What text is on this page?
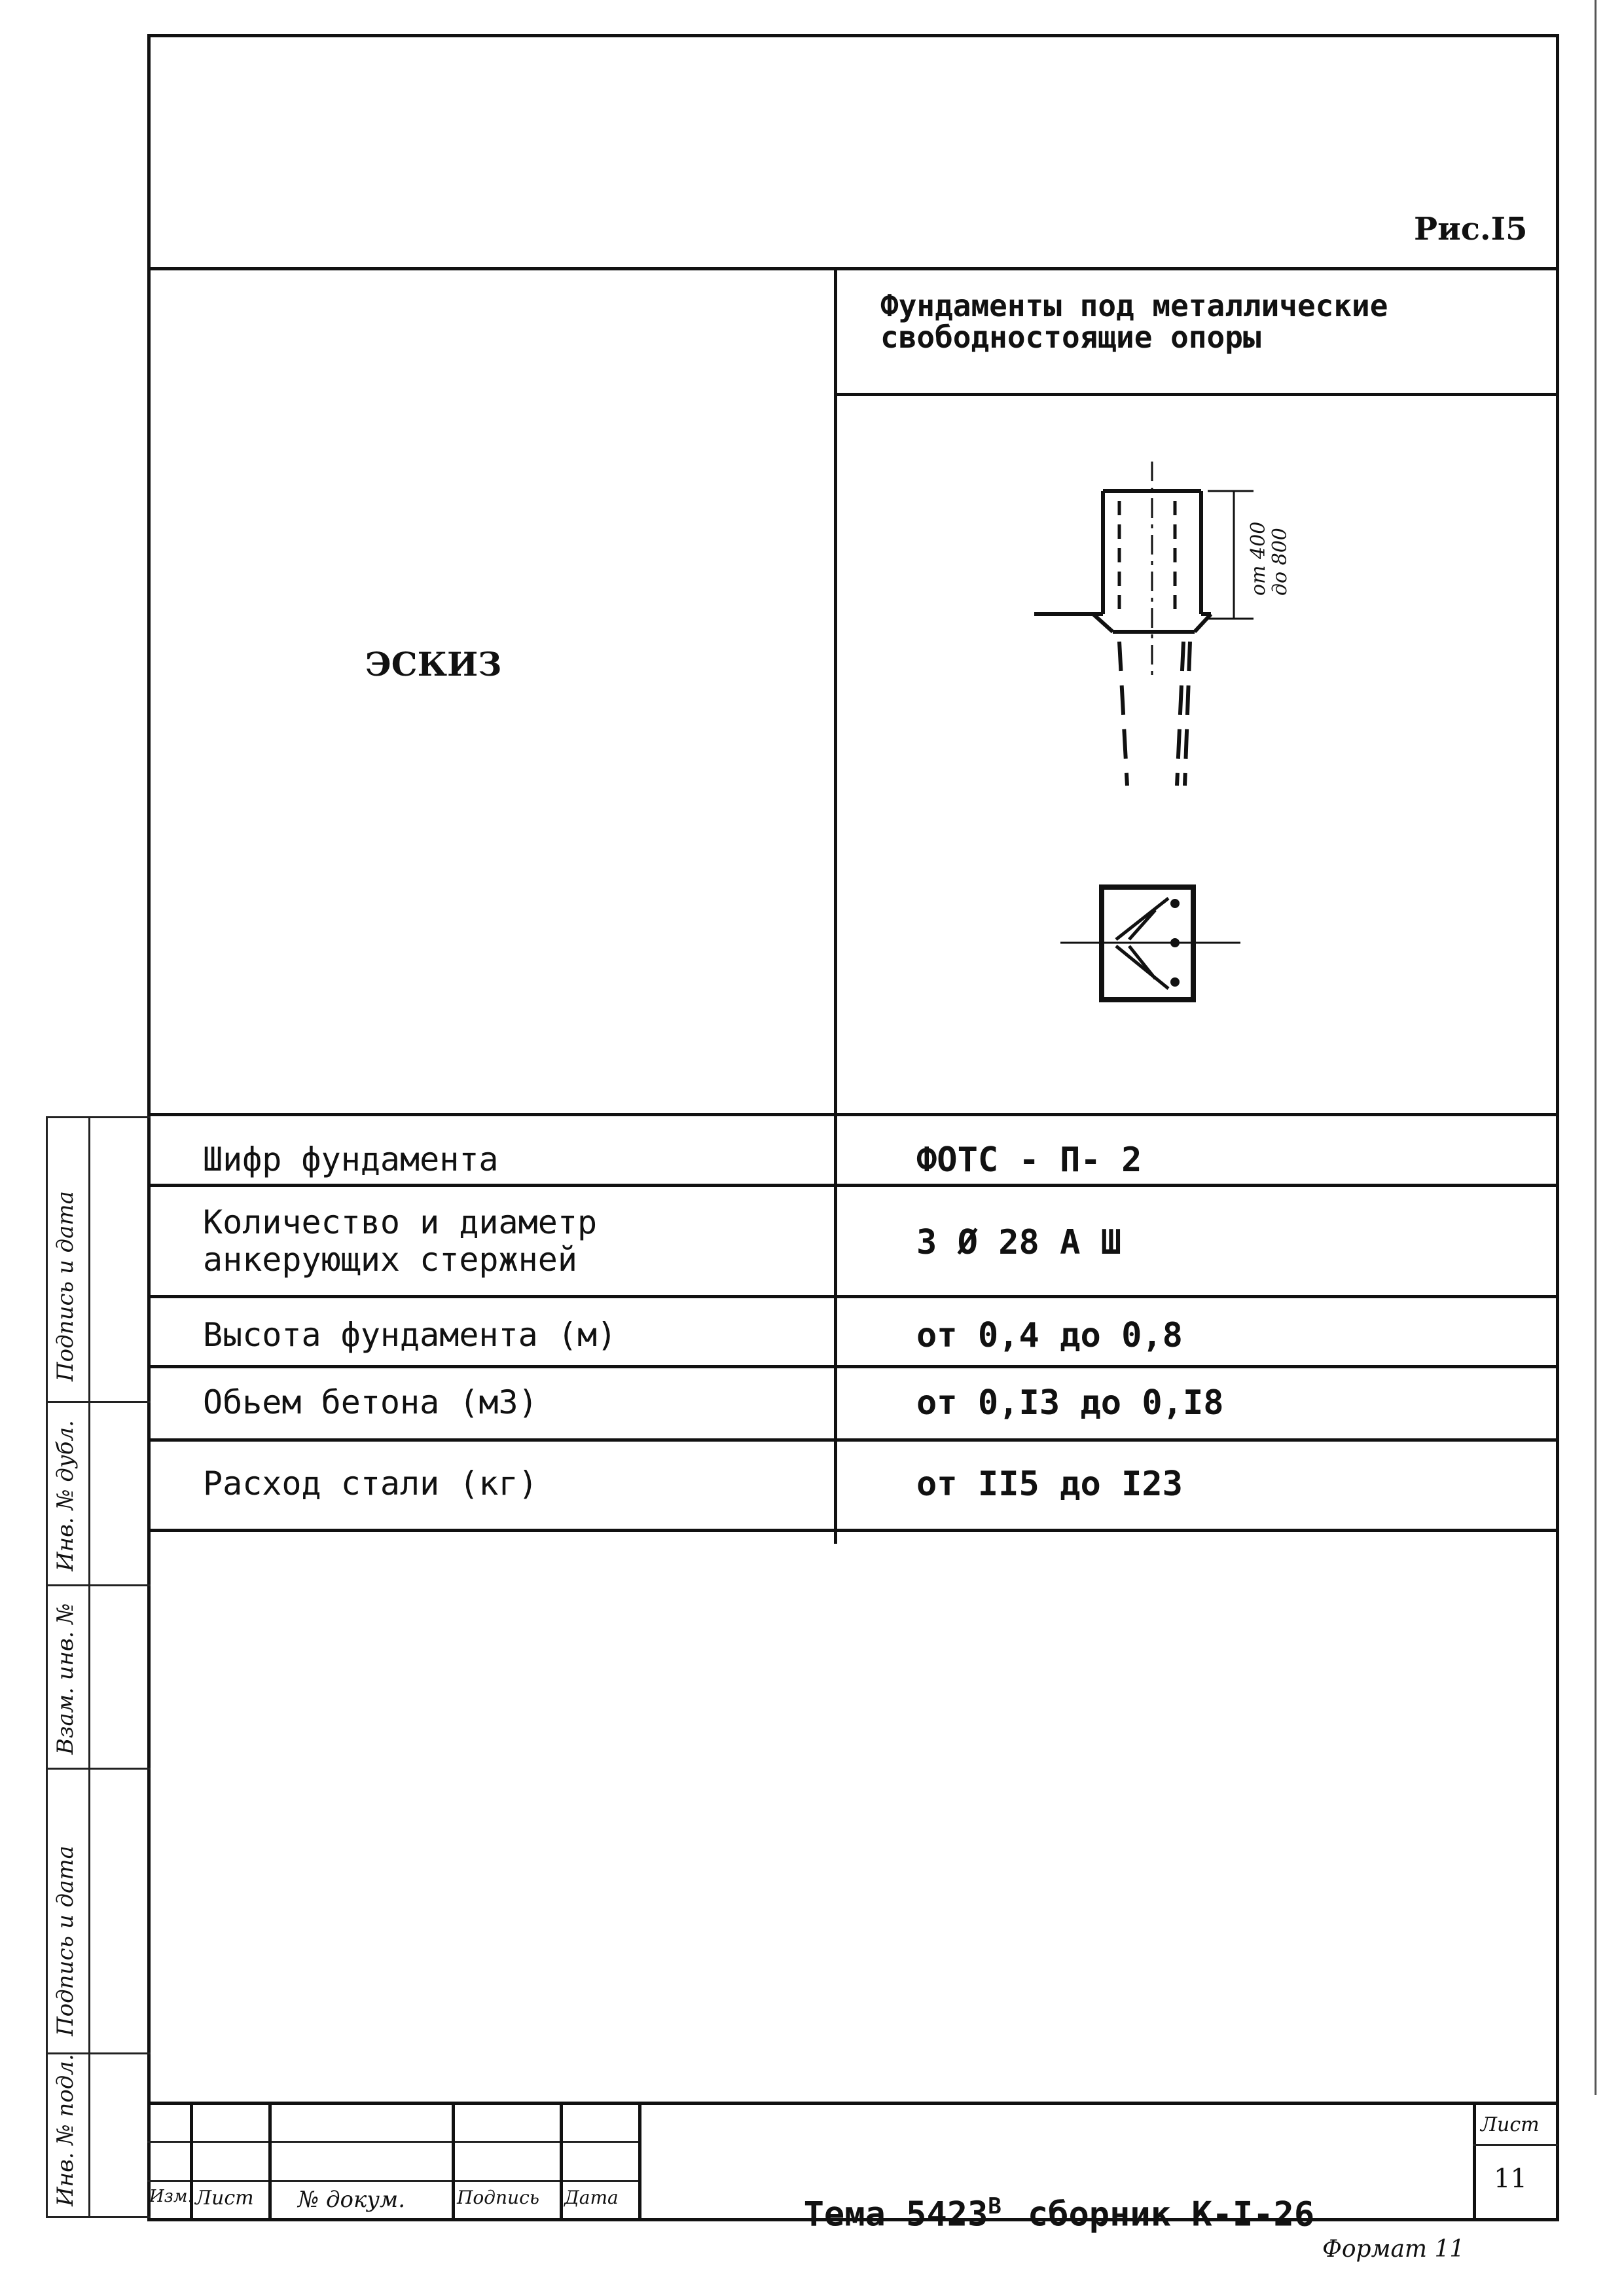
Рис.I5
ЭСКИЗ
Фундаменты под металлические
свободностоящие опоры
от 400
до 800
Шифр фундамента	ФОТС - П- 2
Количество и диаметр
анкерующих стержней	3 Ø 28 А Ш
Высота фундамента (м)	от 0,4 до 0,8
Обьем бетона (м3)	от 0,I3 до 0,I8
Расход стали (кг)	от II5 до I23
Подпись и дата
Инв. № дубл.
Взам. инв. №
Подпись и дата
Инв. № подл.	Изм. Лист № докум.	Подпись Дата	Тема $5423^В$ сборник К-I-26

Лист
11
Формат 11
